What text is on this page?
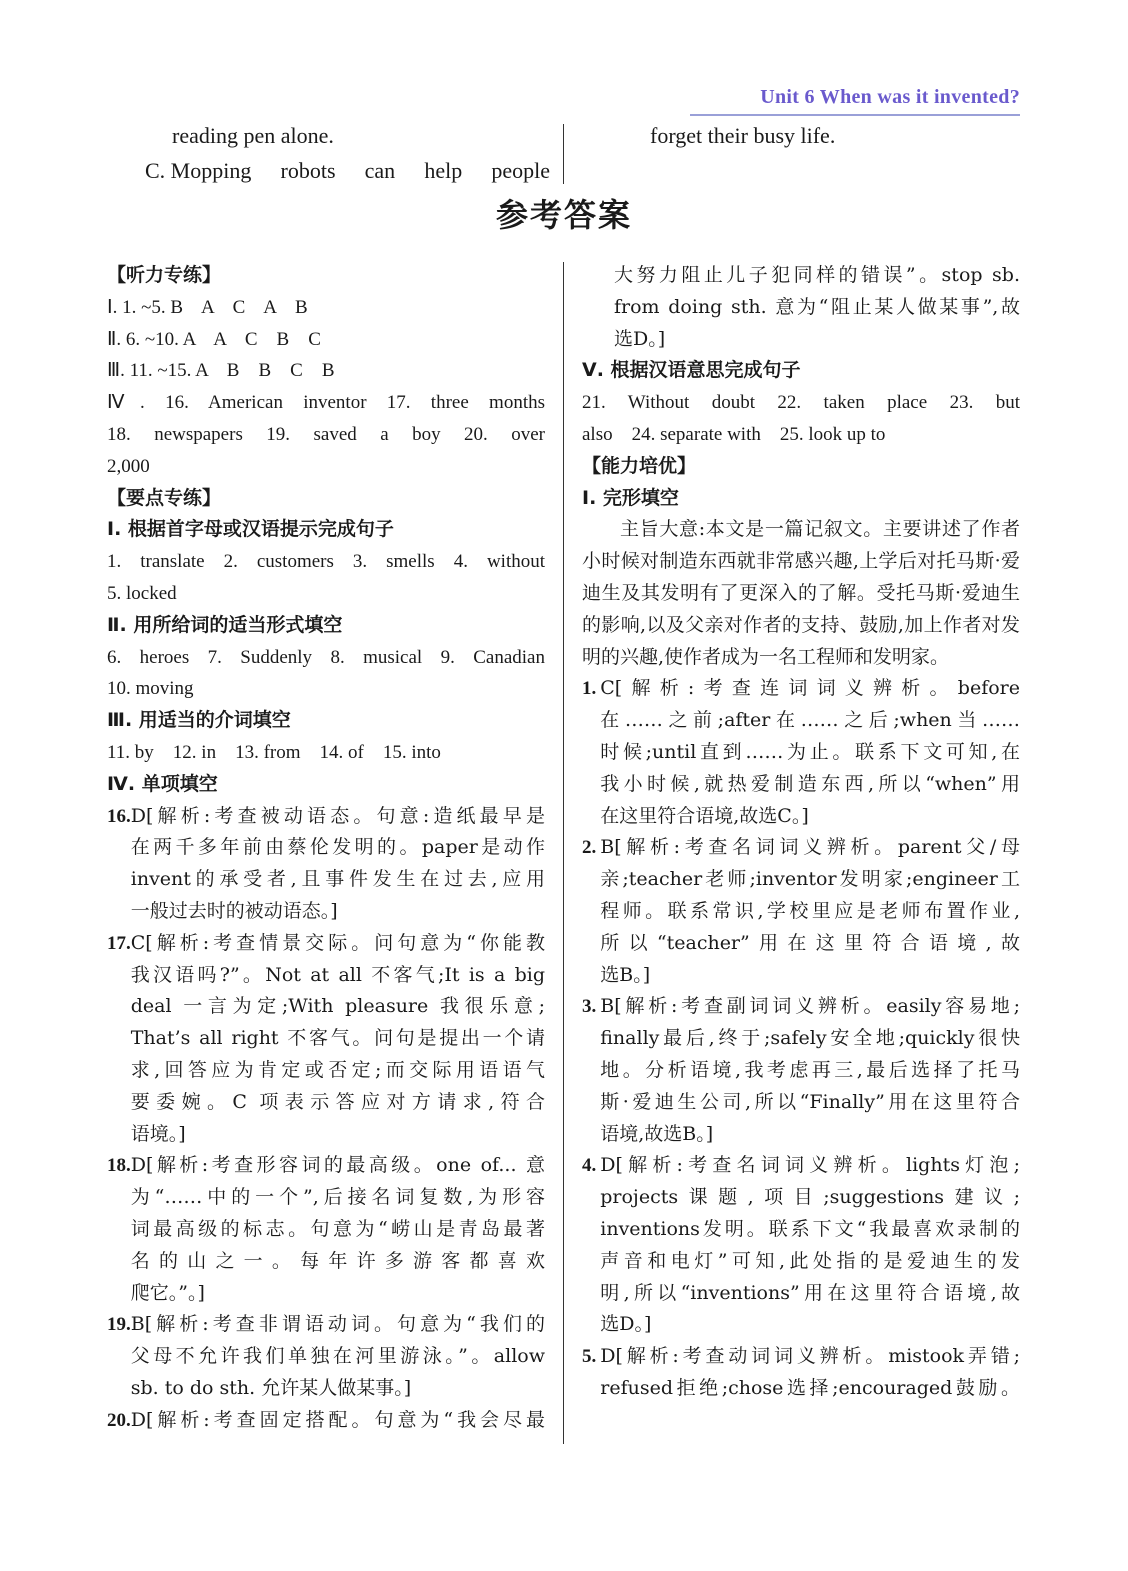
Unit 6 When was it invented?
reading pen alone.
C. Mopping robots can help people
forget their busy life.
参考答案
【听力专练】
Ⅰ. 1. ~5. B    A    C    A    B
Ⅱ. 6. ~10. A    A    C    B    C
Ⅲ. 11. ~15. A    B    B    C    B
Ⅳ. 16. American inventor 17. three months
18. newspapers 19. saved a boy 20. over
2,000
【要点专练】
Ⅰ. 根据首字母或汉语提示完成句子
1. translate 2. customers 3. smells 4. without
5. locked
Ⅱ. 用所给词的适当形式填空
6. heroes 7. Suddenly 8. musical 9. Canadian
10. moving
Ⅲ. 用适当的介词填空
11. by    12. in    13. from    14. of    15. into
Ⅳ. 单项填空
16. D[解析:考查被动语态。句意:造纸最早是
在两千多年前由蔡伦发明的。paper是动作
invent的承受者,且事件发生在过去,应用
一般过去时的被动语态。]
17. C[解析:考查情景交际。问句意为“你能教
我汉语吗?”。Not at all 不客气;It is a big
deal 一言为定;With pleasure 我很乐意;
That’s all right 不客气。问句是提出一个请
求,回答应为肯定或否定;而交际用语语气
要委婉。C 项表示答应对方请求,符合
语境。]
18. D[解析:考查形容词的最高级。one of... 意
为“……中的一个”,后接名词复数,为形容
词最高级的标志。句意为“崂山是青岛最著
名的山之一。每年许多游客都喜欢
爬它。”。]
19. B[解析:考查非谓语动词。句意为“我们的
父母不允许我们单独在河里游泳。”。allow
sb. to do sth. 允许某人做某事。]
20. D[解析:考查固定搭配。句意为“我会尽最
大努力阻止儿子犯同样的错误”。stop sb.
from doing sth. 意为“阻止某人做某事”,故
选D。]
Ⅴ. 根据汉语意思完成句子
21. Without doubt 22. taken place 23. but
also    24. separate with    25. look up to
【能力培优】
Ⅰ. 完形填空
主旨大意:本文是一篇记叙文。主要讲述了作者小时候对制造东西就非常感兴趣,上学后对托马斯·爱迪生及其发明有了更深入的了解。受托马斯·爱迪生的影响,以及父亲对作者的支持、鼓励,加上作者对发明的兴趣,使作者成为一名工程师和发明家。
1. C[解析:考查连词词义辨析。before
在……之前;after在……之后;when当……
时候;until直到……为止。联系下文可知,在
我小时候,就热爱制造东西,所以“when”用
在这里符合语境,故选C。]
2. B[解析:考查名词词义辨析。parent父/母
亲;teacher老师;inventor发明家;engineer工
程师。联系常识,学校里应是老师布置作业,
所以“teacher”用在这里符合语境,故
选B。]
3. B[解析:考查副词词义辨析。easily容易地;
finally最后,终于;safely安全地;quickly很快
地。分析语境,我考虑再三,最后选择了托马
斯·爱迪生公司,所以“Finally”用在这里符合
语境,故选B。]
4. D[解析:考查名词词义辨析。lights灯泡;
projects课题,项目;suggestions建议;
inventions发明。联系下文“我最喜欢录制的
声音和电灯”可知,此处指的是爱迪生的发
明,所以“inventions”用在这里符合语境,故
选D。]
5. D[解析:考查动词词义辨析。mistook弄错;
refused拒绝;chose选择;encouraged鼓励。
